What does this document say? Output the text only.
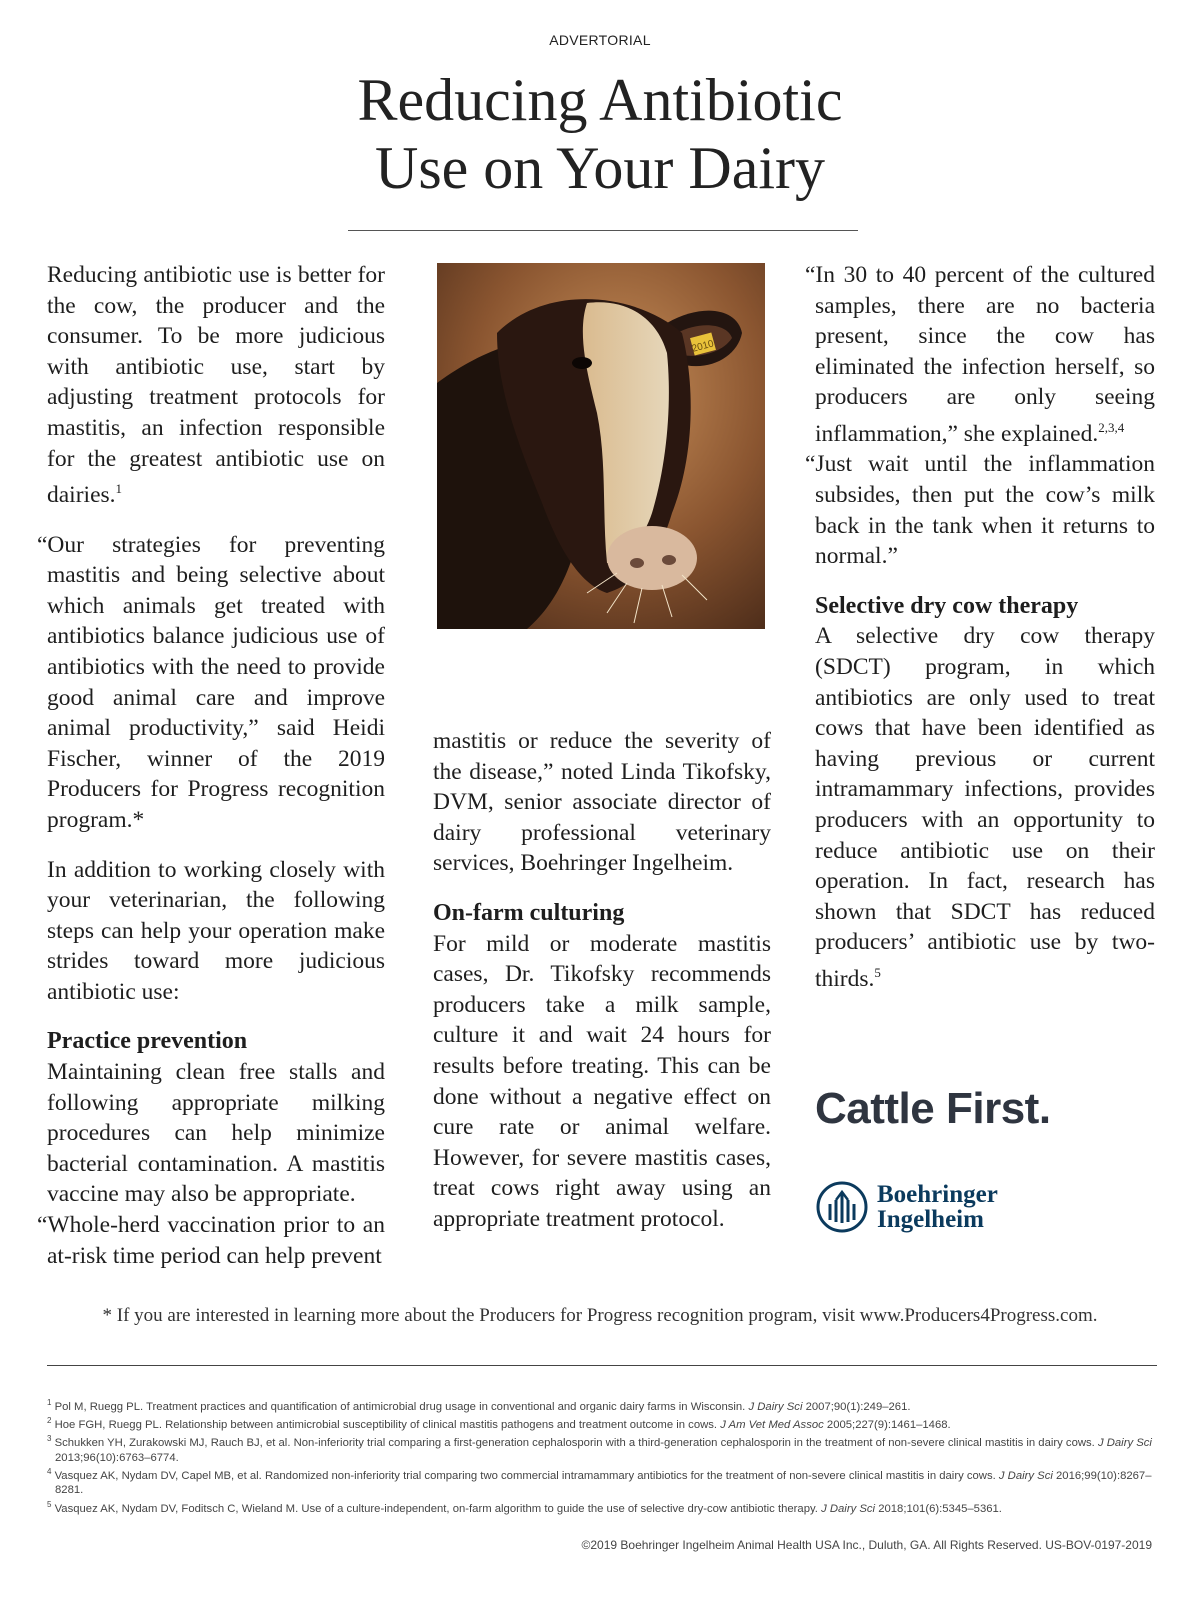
ADVERTORIAL
Reducing Antibiotic
Use on Your Dairy

Reducing antibiotic use is better for the cow, the producer and the consumer. To be more judicious with antibiotic use, start by adjusting treatment protocols for mastitis, an infection responsible for the greatest antibiotic use on dairies.$^1$

“Our strategies for preventing mastitis and being selective about which animals get treated with antibiotics balance judicious use of antibiotics with the need to provide good animal care and improve animal productivity,” said Heidi Fischer, winner of the 2019 Producers for Progress recognition program.*

In addition to working closely with your veterinarian, the following steps can help your operation make strides toward more judicious antibiotic use:

Practice prevention

Maintaining clean free stalls and following appropriate milking procedures can help minimize bacterial contamination. A mastitis vaccine may also be appropriate.

“Whole-herd vaccination prior to an at-risk time period can help prevent

2010

mastitis or reduce the severity of the disease,” noted Linda Tikofsky, DVM, senior associate director of dairy professional veterinary services, Boehringer Ingelheim.

On-farm culturing

For mild or moderate mastitis cases, Dr. Tikofsky recommends producers take a milk sample, culture it and wait 24 hours for results before treating. This can be done without a negative effect on cure rate or animal welfare. However, for severe mastitis cases, treat cows right away using an appropriate treatment protocol.

“In 30 to 40 percent of the cultured samples, there are no bacteria present, since the cow has eliminated the infection herself, so producers are only seeing inflammation,” she explained.$^{2,3,4}$

“Just wait until the inflammation subsides, then put the cow’s milk back in the tank when it returns to normal.”

Selective dry cow therapy

A selective dry cow therapy (SDCT) program, in which antibiotics are only used to treat cows that have been identified as having previous or current intramammary infections, provides producers with an opportunity to reduce antibiotic use on their operation. In fact, research has shown that SDCT has reduced producers’ antibiotic use by two-thirds.$^5$

Cattle First.
Boehringer
Ingelheim
* If you are interested in learning more about the Producers for Progress recognition program, visit www.Producers4Progress.com.

$^1$ Pol M, Ruegg PL. Treatment practices and quantification of antimicrobial drug usage in conventional and organic dairy farms in Wisconsin. J Dairy Sci 2007;90(1):249–261.

$^2$ Hoe FGH, Ruegg PL. Relationship between antimicrobial susceptibility of clinical mastitis pathogens and treatment outcome in cows. J Am Vet Med Assoc 2005;227(9):1461–1468.

$^3$ Schukken YH, Zurakowski MJ, Rauch BJ, et al. Non-inferiority trial comparing a first-generation cephalosporin with a third-generation cephalosporin in the treatment of non-severe clinical mastitis in dairy cows. J Dairy Sci 2013;96(10):6763–6774.

$^4$ Vasquez AK, Nydam DV, Capel MB, et al. Randomized non-inferiority trial comparing two commercial intramammary antibiotics for the treatment of non-severe clinical mastitis in dairy cows. J Dairy Sci 2016;99(10):8267–8281.

$^5$ Vasquez AK, Nydam DV, Foditsch C, Wieland M. Use of a culture-independent, on-farm algorithm to guide the use of selective dry-cow antibiotic therapy. J Dairy Sci 2018;101(6):5345–5361.

©2019 Boehringer Ingelheim Animal Health USA Inc., Duluth, GA. All Rights Reserved. US-BOV-0197-2019
